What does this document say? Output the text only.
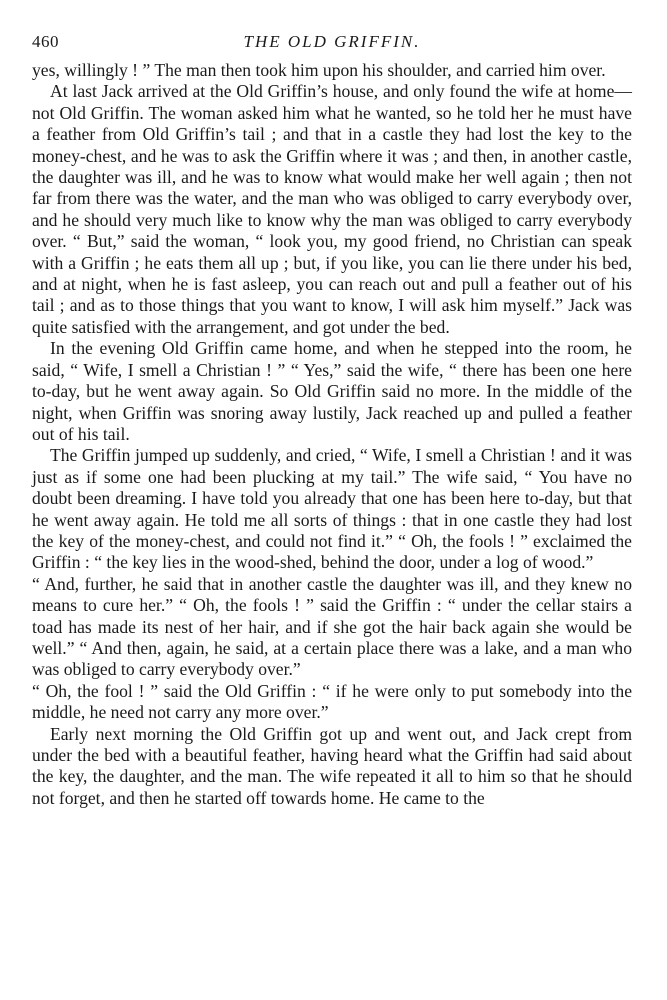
460	THE OLD GRIFFIN.

yes, willingly ! ” The man then took him upon his shoulder, and carried him over.

At last Jack arrived at the Old Griffin’s house, and only found the wife at home—not Old Griffin. The woman asked him what he wanted, so he told her he must have a feather from Old Griffin’s tail ; and that in a castle they had lost the key to the money-chest, and he was to ask the Griffin where it was ; and then, in another castle, the daughter was ill, and he was to know what would make her well again ; then not far from there was the water, and the man who was obliged to carry everybody over, and he should very much like to know why the man was obliged to carry everybody over. “ But,” said the woman, “ look you, my good friend, no Christian can speak with a Griffin ; he eats them all up ; but, if you like, you can lie there under his bed, and at night, when he is fast asleep, you can reach out and pull a feather out of his tail ; and as to those things that you want to know, I will ask him myself.” Jack was quite satisfied with the arrangement, and got under the bed.

In the evening Old Griffin came home, and when he stepped into the room, he said, “ Wife, I smell a Christian ! ” “ Yes,” said the wife, “ there has been one here to-day, but he went away again. So Old Griffin said no more. In the middle of the night, when Griffin was snoring away lustily, Jack reached up and pulled a feather out of his tail.

The Griffin jumped up suddenly, and cried, “ Wife, I smell a Christian ! and it was just as if some one had been plucking at my tail.” The wife said, “ You have no doubt been dreaming. I have told you already that one has been here to-day, but that he went away again. He told me all sorts of things : that in one castle they had lost the key of the money-chest, and could not find it.” “ Oh, the fools ! ” exclaimed the Griffin : “ the key lies in the wood-shed, behind the door, under a log of wood.”

“ And, further, he said that in another castle the daughter was ill, and they knew no means to cure her.” “ Oh, the fools ! ” said the Griffin : “ under the cellar stairs a toad has made its nest of her hair, and if she got the hair back again she would be well.” “ And then, again, he said, at a certain place there was a lake, and a man who was obliged to carry everybody over.”

“ Oh, the fool ! ” said the Old Griffin : “ if he were only to put somebody into the middle, he need not carry any more over.”

Early next morning the Old Griffin got up and went out, and Jack crept from under the bed with a beautiful feather, having heard what the Griffin had said about the key, the daughter, and the man. The wife repeated it all to him so that he should not forget, and then he started off towards home. He came to the
